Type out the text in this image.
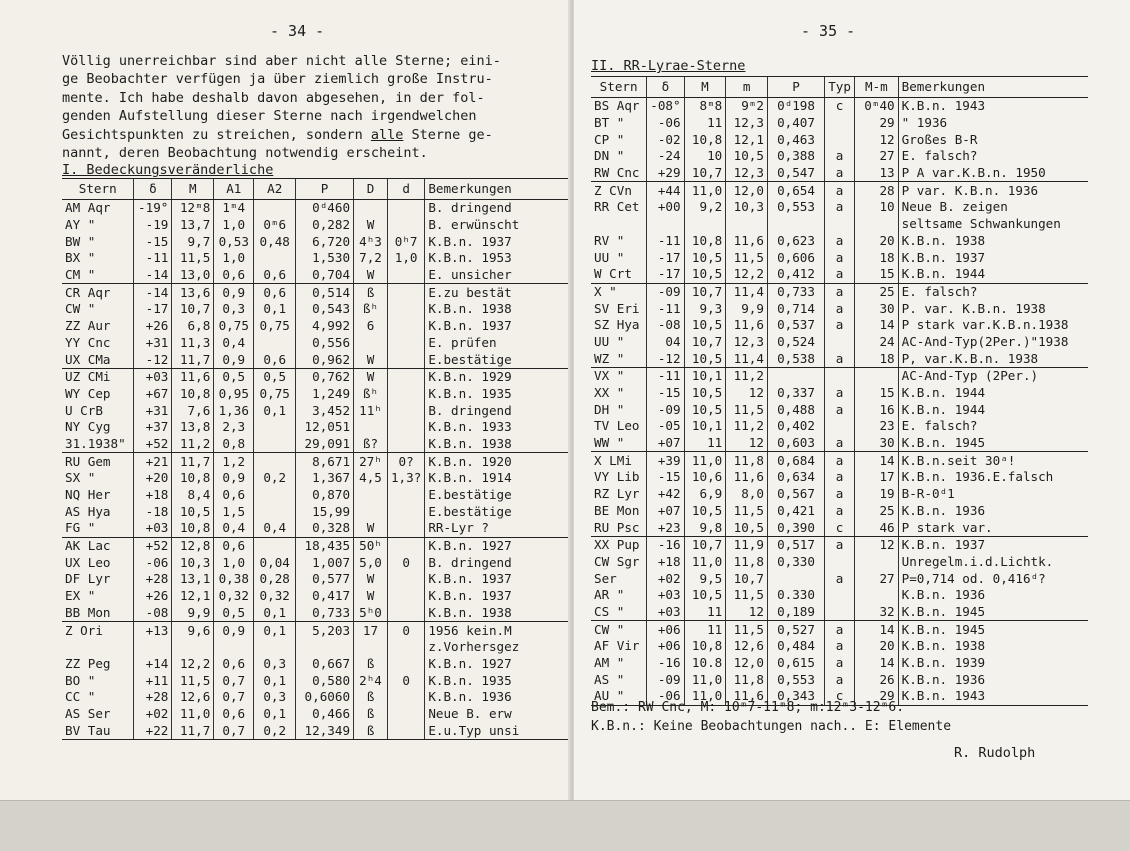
- 34 -

Völlig unerreichbar sind aber nicht alle Sterne; eini-
ge Beobachter verfügen ja über ziemlich große Instru-
mente. Ich habe deshalb davon abgesehen, in der fol-
genden Aufstellung dieser Sterne nach irgendwelchen
Gesichtspunkten zu streichen, sondern alle Sterne ge-
nannt, deren Beobachtung notwendig erscheint.

I. Bedeckungsveränderliche

Stern	δ	M	A1	A2	P	D	d	Bemerkungen
AM Aqr	-19°	12ᵐ8	1ᵐ4		0ᵈ460			B. dringend
AY "	-19	13,7	1,0	0ᵐ6	0,282	W		B. erwünscht
BW "	-15	9,7	0,53	0,48	6,720	4ʰ3	0ʰ7	K.B.n. 1937
BX "	-11	11,5	1,0		1,530	7,2	1,0	K.B.n. 1953
CM "	-14	13,0	0,6	0,6	0,704	W		E. unsicher
CR Aqr	-14	13,6	0,9	0,6	0,514	ß		E.zu bestät
CW "	-17	10,7	0,3	0,1	0,543	ßʰ		K.B.n. 1938
ZZ Aur	+26	6,8	0,75	0,75	4,992	6		K.B.n. 1937
YY Cnc	+31	11,3	0,4		0,556			E. prüfen
UX CMa	-12	11,7	0,9	0,6	0,962	W		E.bestätige
UZ CMi	+03	11,6	0,5	0,5	0,762	W		K.B.n. 1929
WY Cep	+67	10,8	0,95	0,75	1,249	ßʰ		K.B.n. 1935
U CrB	+31	7,6	1,36	0,1	3,452	11ʰ		B. dringend
NY Cyg	+37	13,8	2,3		12,051			K.B.n. 1933
31.1938"	+52	11,2	0,8		29,091	ß?		K.B.n. 1938
RU Gem	+21	11,7	1,2		8,671	27ʰ	0?	K.B.n. 1920
SX "	+20	10,8	0,9	0,2	1,367	4,5	1,3?	K.B.n. 1914
NQ Her	+18	8,4	0,6		0,870			E.bestätige
AS Hya	-18	10,5	1,5		15,99			E.bestätige
FG "	+03	10,8	0,4	0,4	0,328	W		RR-Lyr ?
AK Lac	+52	12,8	0,6		18,435	50ʰ		K.B.n. 1927
UX Leo	-06	10,3	1,0	0,04	1,007	5,0	0	B. dringend
DF Lyr	+28	13,1	0,38	0,28	0,577	W		K.B.n. 1937
EX "	+26	12,1	0,32	0,32	0,417	W		K.B.n. 1937
BB Mon	-08	9,9	0,5	0,1	0,733	5ʰ0		K.B.n. 1938
Z Ori	+13	9,6	0,9	0,1	5,203	17	0	1956 kein.M
								z.Vorhersgez
ZZ Peg	+14	12,2	0,6	0,3	0,667	ß		K.B.n. 1927
BO "	+11	11,5	0,7	0,1	0,580	2ʰ4	0	K.B.n. 1935
CC "	+28	12,6	0,7	0,3	0,6060	ß		K.B.n. 1936
AS Ser	+02	11,0	0,6	0,1	0,466	ß		Neue B. erw
BV Tau	+22	11,7	0,7	0,2	12,349	ß		E.u.Typ unsi
- 35 -

II. RR-Lyrae-Sterne

Stern	δ	M	m	P	Typ	M-m	Bemerkungen
BS Aqr	-08°	8ᵐ8	9ᵐ2	0ᵈ198	c	0ᵐ40	K.B.n. 1943
BT "	-06	11	12,3	0,407		29	" 1936
CP "	-02	10,8	12,1	0,463		12	Großes B-R
DN "	-24	10	10,5	0,388	a	27	E. falsch?
RW Cnc	+29	10,7	12,3	0,547	a	13	P A var.K.B.n. 1950
Z CVn	+44	11,0	12,0	0,654	a	28	P var. K.B.n. 1936
RR Cet	+00	9,2	10,3	0,553	a	10	Neue B. zeigen
							seltsame Schwankungen
RV "	-11	10,8	11,6	0,623	a	20	K.B.n. 1938
UU "	-17	10,5	11,5	0,606	a	18	K.B.n. 1937
W Crt	-17	10,5	12,2	0,412	a	15	K.B.n. 1944
X "	-09	10,7	11,4	0,733	a	25	E. falsch?
SV Eri	-11	9,3	9,9	0,714	a	30	P. var. K.B.n. 1938
SZ Hya	-08	10,5	11,6	0,537	a	14	P stark var.K.B.n.1938
UU "	04	10,7	12,3	0,524		24	AC-And-Typ(2Per.)"1938
WZ "	-12	10,5	11,4	0,538	a	18	P, var.K.B.n. 1938
VX "	-11	10,1	11,2				AC-And-Typ (2Per.)
XX "	-15	10,5	12	0,337	a	15	K.B.n. 1944
DH "	-09	10,5	11,5	0,488	a	16	K.B.n. 1944
TV Leo	-05	10,1	11,2	0,402		23	E. falsch?
WW "	+07	11	12	0,603	a	30	K.B.n. 1945
X LMi	+39	11,0	11,8	0,684	a	14	K.B.n.seit 30ᵃ!
VY Lib	-15	10,6	11,6	0,634	a	17	K.B.n. 1936.E.falsch
RZ Lyr	+42	6,9	8,0	0,567	a	19	B-R-0ᵈ1
BE Mon	+07	10,5	11,5	0,421	a	25	K.B.n. 1936
RU Psc	+23	9,8	10,5	0,390	c	46	P stark var.
XX Pup	-16	10,7	11,9	0,517	a	12	K.B.n. 1937
CW Sgr	+18	11,0	11,8	0,330			Unregelm.i.d.Lichtk.
Ser	+02	9,5	10,7		a	27	P=0,714 od. 0,416ᵈ?
AR "	+03	10,5	11,5	0.330			K.B.n. 1936
CS "	+03	11	12	0,189		32	K.B.n. 1945
CW "	+06	11	11,5	0,527	a	14	K.B.n. 1945
AF Vir	+06	10,8	12,6	0,484	a	20	K.B.n. 1938
AM "	-16	10.8	12,0	0,615	a	14	K.B.n. 1939
AS "	-09	11,0	11,8	0,553	a	26	K.B.n. 1936
AU "	-06	11,0	11,6	0,343	c	29	K.B.n. 1943

Bem.: RW Cnc, M: 10ᵐ7-11ᵐ8; m:12ᵐ3-12ᵐ6.

K.B.n.: Keine Beobachtungen nach.. E: Elemente

R. Rudolph
